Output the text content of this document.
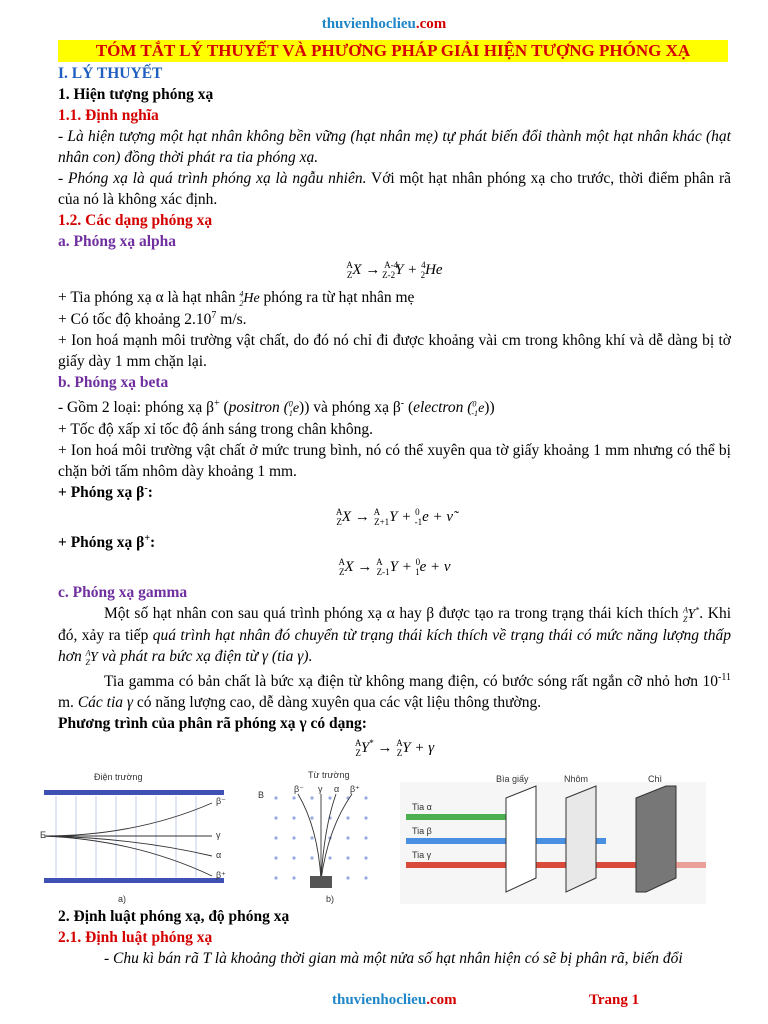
thuvienhoclieu.com
TÓM TẮT LÝ THUYẾT VÀ PHƯƠNG PHÁP GIẢI HIỆN TƯỢNG PHÓNG XẠ

I. LÝ THUYẾT

1. Hiện tượng phóng xạ

1.1. Định nghĩa

- Là hiện tượng một hạt nhân không bền vững (hạt nhân mẹ) tự phát biến đổi thành một hạt nhân khác (hạt nhân con) đồng thời phát ra tia phóng xạ.

- Phóng xạ là quá trình phóng xạ là ngẫu nhiên. Với một hạt nhân phóng xạ cho trước, thời điểm phân rã của nó là không xác định.

1.2. Các dạng phóng xạ

a. Phóng xạ alpha

$^A_Z$X → $^{A-4}_{Z-2}$Y + $^4_2$He

+ Tia phóng xạ α là hạt nhân $^4_2$He phóng ra từ hạt nhân mẹ

+ Có tốc độ khoảng 2.10$^7$ m/s.

+ Ion hoá mạnh môi trường vật chất, do đó nó chỉ đi được khoảng vài cm trong không khí và dễ dàng bị tờ giấy dày 1 mm chặn lại.

b. Phóng xạ beta

- Gồm 2 loại: phóng xạ β+ (positron ($^0_1$e)) và phóng xạ β- (electron ($^0_{-1}$e))

+ Tốc độ xấp xỉ tốc độ ánh sáng trong chân không.

+ Ion hoá môi trường vật chất ở mức trung bình, nó có thể xuyên qua tờ giấy khoảng 1 mm nhưng có thể bị chặn bởi tấm nhôm dày khoảng 1 mm.

+ Phóng xạ β-:

$^A_Z$X → $^A_{Z+1}$Y + $^0_{-1}$e + ν̃

+ Phóng xạ β+:

$^A_Z$X → $^A_{Z-1}$Y + $^0_1$e + ν

c. Phóng xạ gamma

Một số hạt nhân con sau quá trình phóng xạ α hay β được tạo ra trong trạng thái kích thích $^A_Z$Y*. Khi đó, xảy ra tiếp quá trình hạt nhân đó chuyển từ trạng thái kích thích về trạng thái có mức năng lượng thấp hơn $^A_Z$Y và phát ra bức xạ điện từ γ (tia γ).

Tia gamma có bản chất là bức xạ điện từ không mang điện, có bước sóng rất ngắn cỡ nhỏ hơn $10^{-11}$ m. Các tia γ có năng lượng cao, dễ dàng xuyên qua các vật liệu thông thường.

Phương trình của phân rã phóng xạ γ có dạng:

$^A_Z$Y* → $^A_Z$Y + γ

Điện trường
E
β⁻
γ
α
β⁺
a)
Từ trường
B
β⁻ γ α β⁺
b)
Bìa giấy	Nhôm	Chì
Tia α
Tia β
Tia γ

2. Định luật phóng xạ, độ phóng xạ

2.1. Định luật phóng xạ

- Chu kì bán rã T là khoảng thời gian mà một nửa số hạt nhân hiện có sẽ bị phân rã, biến đổi

thuvienhoclieu.com	Trang 1
